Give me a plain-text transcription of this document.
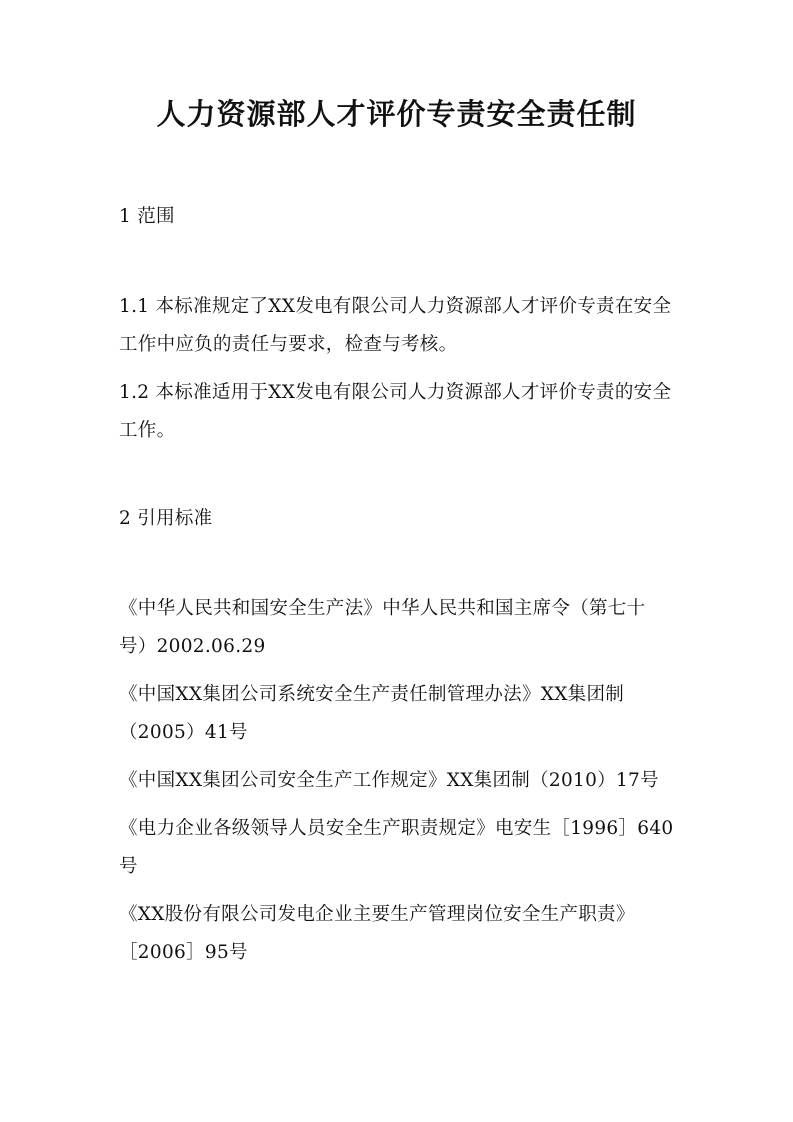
人力资源部人才评价专责安全责任制
1 范围
1.1 本标准规定了XX发电有限公司人力资源部人才评价专责在安全
工作中应负的责任与要求，检查与考核。
1.2 本标准适用于XX发电有限公司人力资源部人才评价专责的安全
工作。
2 引用标准
《中华人民共和国安全生产法》中华人民共和国主席令（第七十
号）2002.06.29
《中国XX集团公司系统安全生产责任制管理办法》XX集团制
（2005）41号
《中国XX集团公司安全生产工作规定》XX集团制（2010）17号
《电力企业各级领导人员安全生产职责规定》电安生［1996］640
号
《XX股份有限公司发电企业主要生产管理岗位安全生产职责》
［2006］95号
